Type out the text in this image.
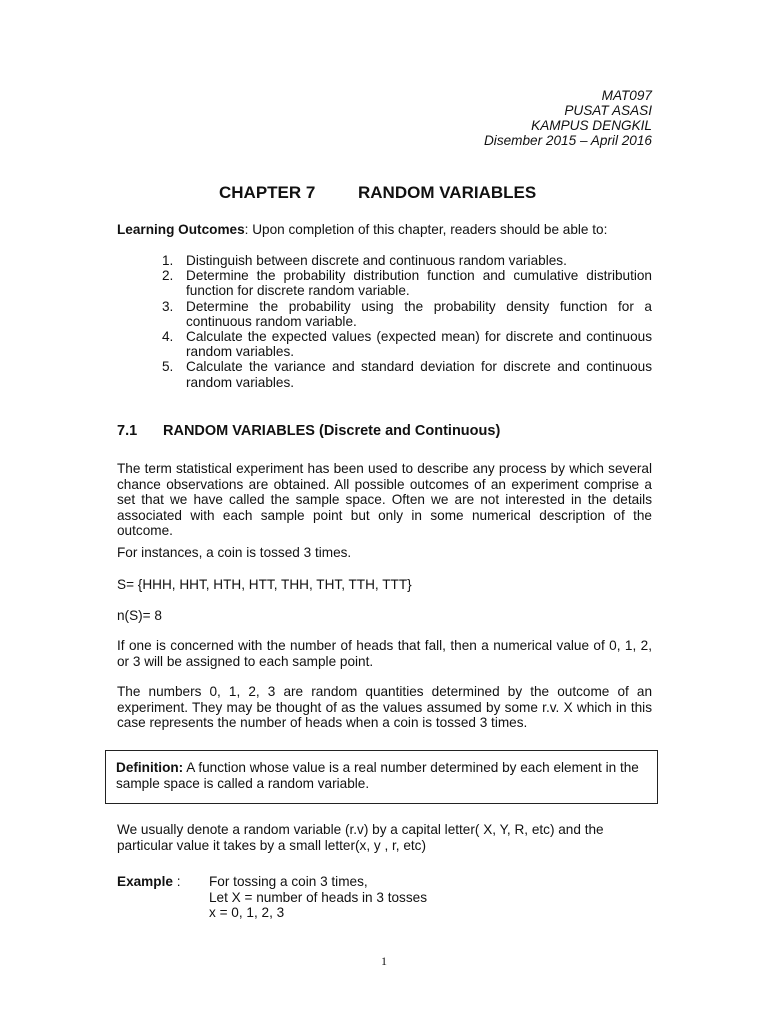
MAT097
PUSAT ASASI
KAMPUS DENGKIL
Disember 2015 – April 2016
CHAPTER 7	RANDOM VARIABLES
Learning Outcomes: Upon completion of this chapter, readers should be able to:
1. Distinguish between discrete and continuous random variables.
2. Determine the probability distribution function and cumulative distribution function for discrete random variable.
3. Determine the probability using the probability density function for a continuous random variable.
4. Calculate the expected values (expected mean) for discrete and continuous random variables.
5. Calculate the variance and standard deviation for discrete and continuous random variables.
7.1 RANDOM VARIABLES (Discrete and Continuous)
The term statistical experiment has been used to describe any process by which several chance observations are obtained. All possible outcomes of an experiment comprise a set that we have called the sample space. Often we are not interested in the details associated with each sample point but only in some numerical description of the outcome.
For instances, a coin is tossed 3 times.
S= {HHH, HHT, HTH, HTT, THH, THT, TTH, TTT}
n(S)= 8
If one is concerned with the number of heads that fall, then a numerical value of 0, 1, 2, or 3 will be assigned to each sample point.
The numbers 0, 1, 2, 3 are random quantities determined by the outcome of an experiment. They may be thought of as the values assumed by some r.v. X which in this case represents the number of heads when a coin is tossed 3 times.
Definition: A function whose value is a real number determined by each element in the sample space is called a random variable.
We usually denote a random variable (r.v) by a capital letter( X, Y, R, etc) and the particular value it takes by a small letter(x, y , r, etc)
Example : For tossing a coin 3 times,
Let X = number of heads in 3 tosses
x = 0, 1, 2, 3
1
